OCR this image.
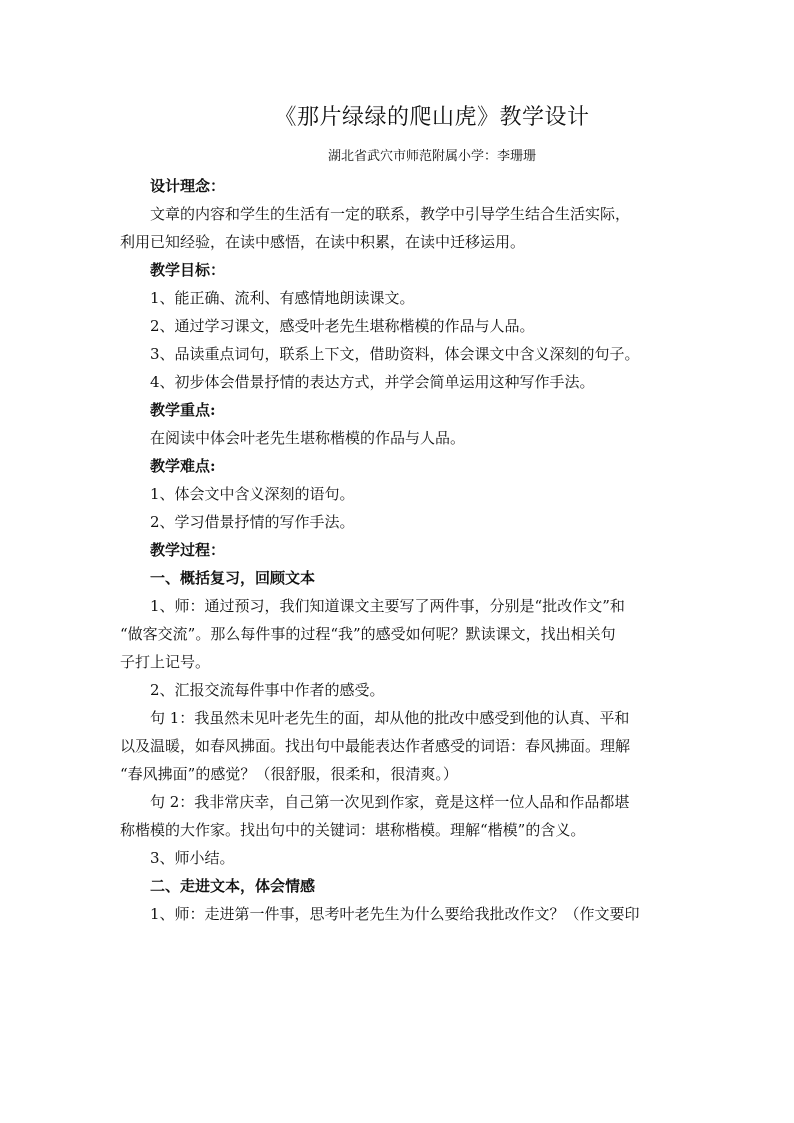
《那片绿绿的爬山虎》教学设计
湖北省武穴市师范附属小学：李珊珊

设计理念：

文章的内容和学生的生活有一定的联系，教学中引导学生结合生活实际，

利用已知经验，在读中感悟，在读中积累，在读中迁移运用。

教学目标：

1、能正确、流利、有感情地朗读课文。

2、通过学习课文，感受叶老先生堪称楷模的作品与人品。

3、品读重点词句，联系上下文，借助资料，体会课文中含义深刻的句子。

4、初步体会借景抒情的表达方式，并学会简单运用这种写作手法。

教学重点:

在阅读中体会叶老先生堪称楷模的作品与人品。

教学难点:

1、体会文中含义深刻的语句。

2、学习借景抒情的写作手法。

教学过程：

一、概括复习，回顾文本

1、师：通过预习，我们知道课文主要写了两件事，分别是“批改作文”和

“做客交流”。那么每件事的过程“我”的感受如何呢？默读课文，找出相关句

子打上记号。

2、汇报交流每件事中作者的感受。

句 1：我虽然未见叶老先生的面，却从他的批改中感受到他的认真、平和

以及温暖，如春风拂面。找出句中最能表达作者感受的词语：春风拂面。理解

“春风拂面”的感觉？（很舒服，很柔和，很清爽。）

句 2：我非常庆幸，自己第一次见到作家，竟是这样一位人品和作品都堪

称楷模的大作家。找出句中的关键词：堪称楷模。理解“楷模”的含义。

3、师小结。

二、走进文本，体会情感

1、师：走进第一件事，思考叶老先生为什么要给我批改作文？（作文要印
